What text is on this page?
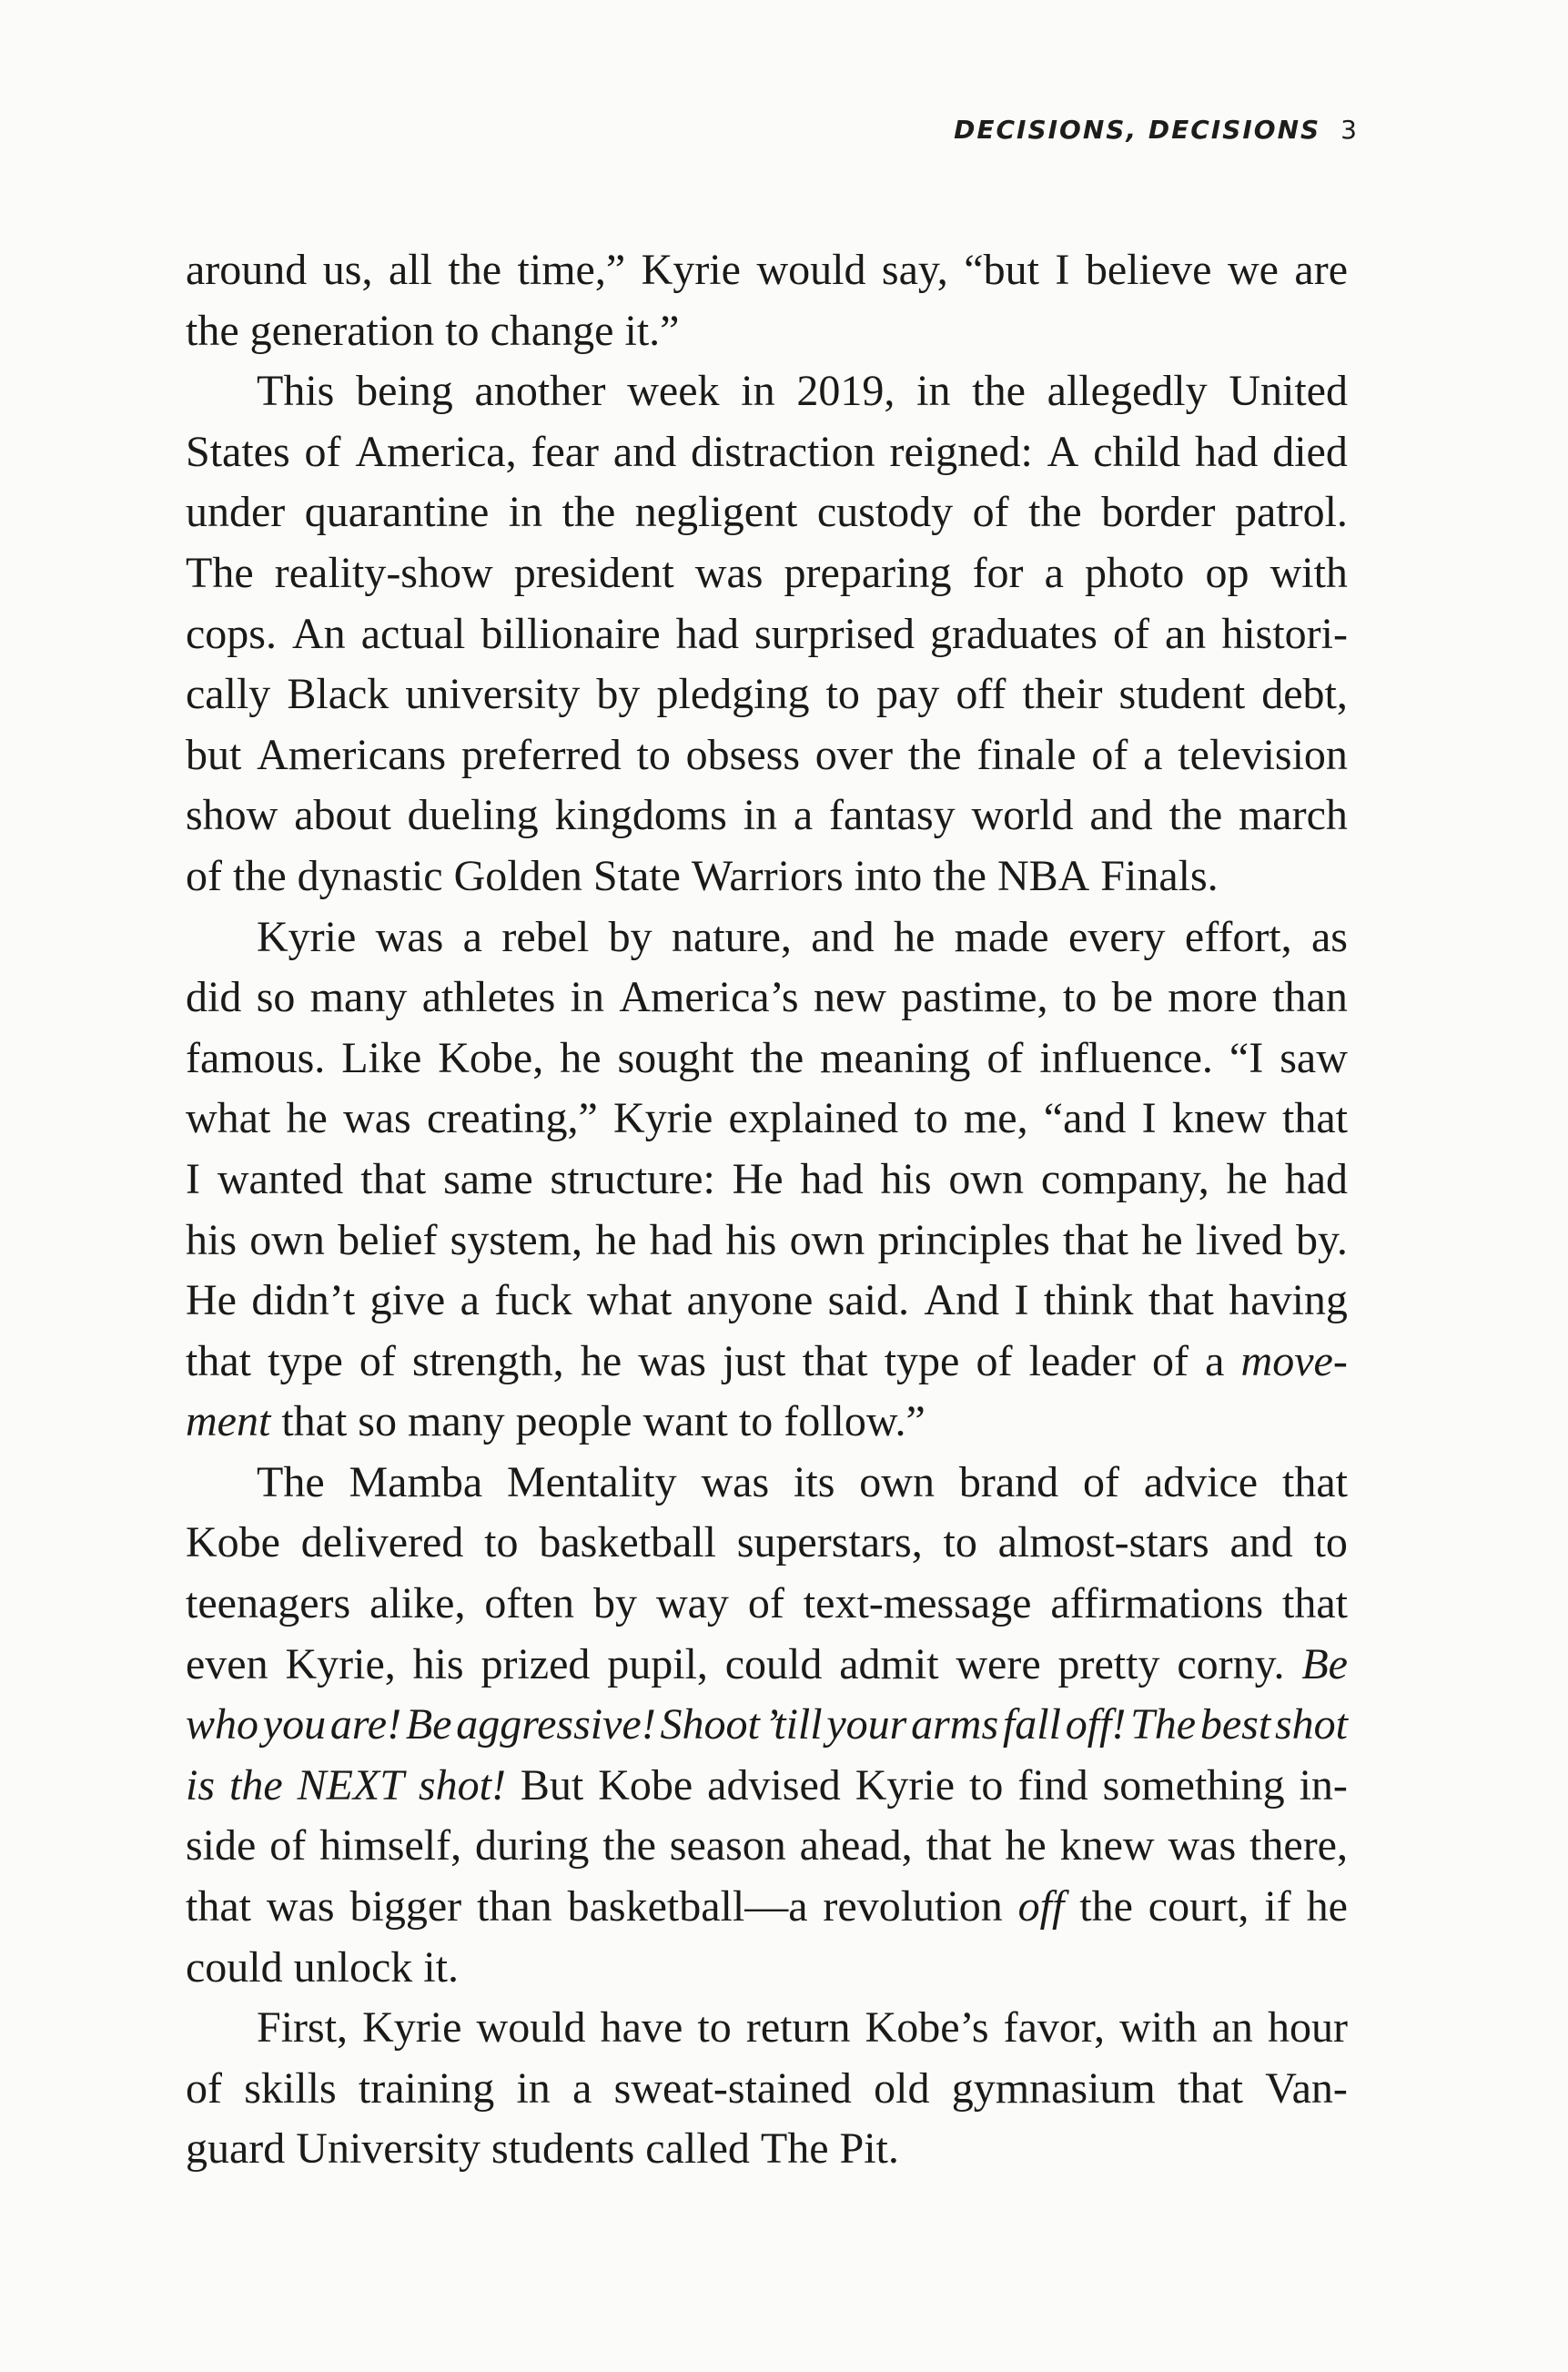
DECISIONS, DECISIONS 3
around us, all the time,” Kyrie would say, “but I believe we are
the generation to change it.”
This being another week in 2019, in the allegedly United
States of America, fear and distraction reigned: A child had died
under quarantine in the negligent custody of the border patrol.
The reality-show president was preparing for a photo op with
cops. An actual billionaire had surprised graduates of an histori-
cally Black university by pledging to pay off their student debt,
but Americans preferred to obsess over the finale of a television
show about dueling kingdoms in a fantasy world and the march
of the dynastic Golden State Warriors into the NBA Finals.
Kyrie was a rebel by nature, and he made every effort, as
did so many athletes in America’s new pastime, to be more than
famous. Like Kobe, he sought the meaning of influence. “I saw
what he was creating,” Kyrie explained to me, “and I knew that
I wanted that same structure: He had his own company, he had
his own belief system, he had his own principles that he lived by.
He didn’t give a fuck what anyone said. And I think that having
that type of strength, he was just that type of leader of a move-
ment that so many people want to follow.”
The Mamba Mentality was its own brand of advice that
Kobe delivered to basketball superstars, to almost-stars and to
teenagers alike, often by way of text-message affirmations that
even Kyrie, his prized pupil, could admit were pretty corny. Be
who you are! Be aggressive! Shoot ’till your arms fall off! The best shot
is the NEXT shot! But Kobe advised Kyrie to find something in-
side of himself, during the season ahead, that he knew was there,
that was bigger than basketball—a revolution off the court, if he
could unlock it.
First, Kyrie would have to return Kobe’s favor, with an hour
of skills training in a sweat-stained old gymnasium that Van-
guard University students called The Pit.
